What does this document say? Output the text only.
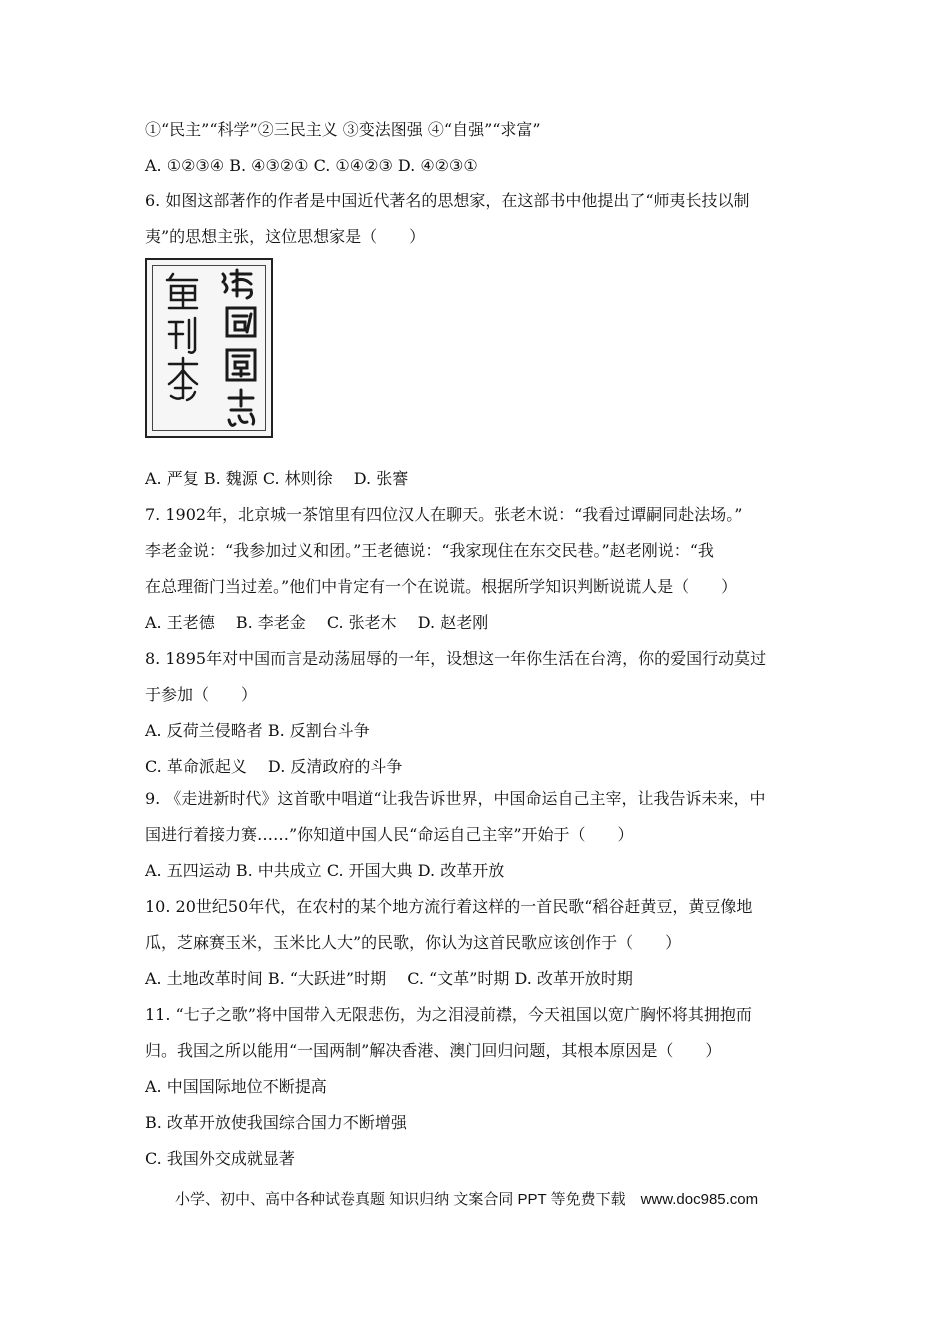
①“民主”“科学”②三民主义 ③变法图强 ④“自强”“求富”
A. ①②③④ B. ④③②① C. ①④②③ D. ④②③①
6. 如图这部著作的作者是中国近代著名的思想家，在这部书中他提出了“师夷长技以制
夷”的思想主张，这位思想家是（　　）
A. 严复 B. 魏源 C. 林则徐　 D. 张謇
7. 1902年，北京城一茶馆里有四位汉人在聊天。张老木说：“我看过谭嗣同赴法场。”
李老金说：“我参加过义和团。”王老德说：“我家现住在东交民巷。”赵老刚说：“我
在总理衙门当过差。”他们中肯定有一个在说谎。根据所学知识判断说谎人是（　　）
A. 王老德　 B. 李老金　 C. 张老木　 D. 赵老刚
8. 1895年对中国而言是动荡屈辱的一年，设想这一年你生活在台湾，你的爱国行动莫过
于参加（　　）
A. 反荷兰侵略者 B. 反割台斗争
C. 革命派起义　 D. 反清政府的斗争
9. 《走进新时代》这首歌中唱道“让我告诉世界，中国命运自己主宰，让我告诉未来，中
国进行着接力赛……”你知道中国人民“命运自己主宰”开始于（　　）
A. 五四运动 B. 中共成立 C. 开国大典 D. 改革开放
10. 20世纪50年代，在农村的某个地方流行着这样的一首民歌“稻谷赶黄豆，黄豆像地
瓜，芝麻赛玉米，玉米比人大”的民歌，你认为这首民歌应该创作于（　　）
A. 土地改革时间 B. “大跃进”时期　 C. “文革”时期 D. 改革开放时期
11. “七子之歌”将中国带入无限悲伤，为之泪浸前襟，今天祖国以宽广胸怀将其拥抱而
归。我国之所以能用“一国两制”解决香港、澳门回归问题，其根本原因是（　　）
A. 中国国际地位不断提高
B. 改革开放使我国综合国力不断增强
C. 我国外交成就显著
小学、初中、高中各种试卷真题 知识归纳 文案合同 PPT 等免费下载　www.doc985.com
